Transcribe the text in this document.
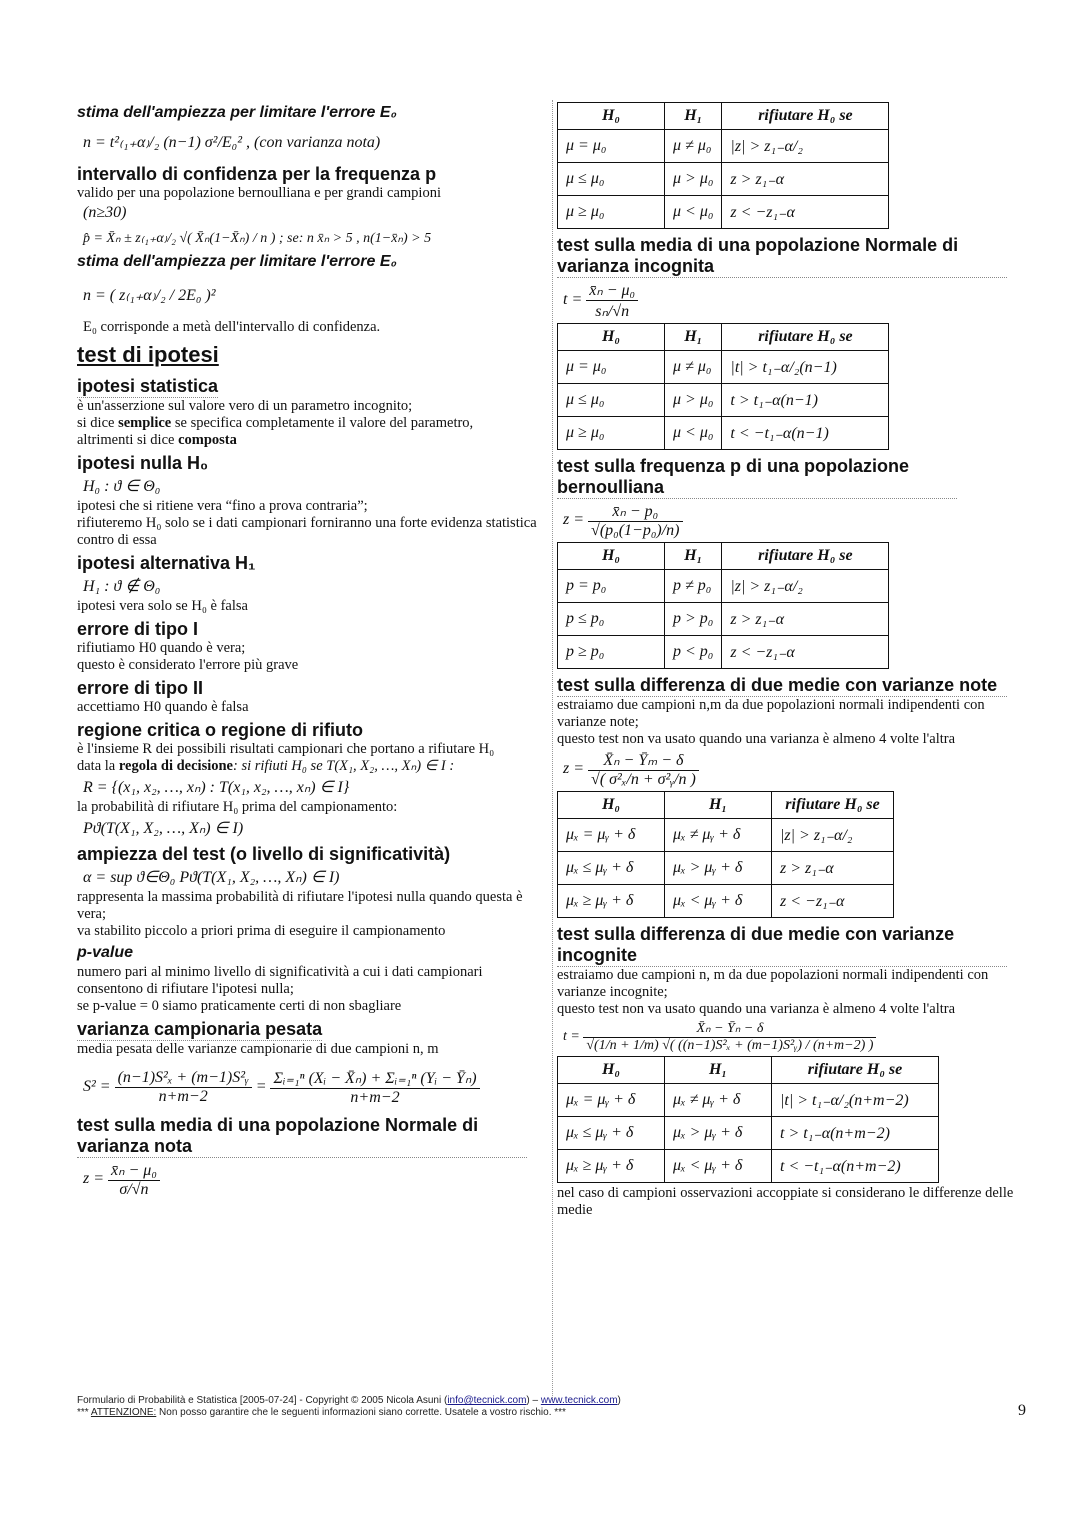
stima dell'ampiezza per limitare l'errore E₀
n = t²₍₁₊α₎/₂ (n−1) σ²/E₀² , (con varianza nota)
intervallo di confidenza per la frequenza p
valido per una popolazione bernoulliana e per grandi campioni
(n≥30)
p̂ = X̄ₙ ± z₍₁₊α₎/₂ √( X̄ₙ(1−X̄ₙ) / n ) ; se: n x̄ₙ > 5 , n(1−x̄ₙ) > 5
stima dell'ampiezza per limitare l'errore E₀
n = ( z₍₁₊α₎/₂ / 2E₀ )²
E₀ corrisponde a metà dell'intervallo di confidenza.
test di ipotesi
ipotesi statistica
è un'asserzione sul valore vero di un parametro incognito;
si dice semplice se specifica completamente il valore del parametro,
altrimenti si dice composta
ipotesi nulla H₀
H₀ : ϑ ∈ Θ₀
ipotesi che si ritiene vera “fino a prova contraria”;
rifiuteremo H₀ solo se i dati campionari forniranno una forte evidenza statistica contro di essa
ipotesi alternativa H₁
H₁ : ϑ ∉ Θ₀
ipotesi vera solo se H₀ è falsa
errore di tipo I
rifiutiamo H0 quando è vera;
questo è considerato l'errore più grave
errore di tipo II
accettiamo H0 quando è falsa
regione critica o regione di rifiuto
è l'insieme R dei possibili risultati campionari che portano a rifiutare H₀
data la regola di decisione: si rifiuti H₀ se T(X₁, X₂, …, Xₙ) ∈ I :
R = {(x₁, x₂, …, xₙ) : T(x₁, x₂, …, xₙ) ∈ I}
la probabilità di rifiutare H₀ prima del campionamento:
Pϑ(T(X₁, X₂, …, Xₙ) ∈ I)
ampiezza del test (o livello di significatività)
α = sup ϑ∈Θ₀ Pϑ(T(X₁, X₂, …, Xₙ) ∈ I)
rappresenta la massima probabilità di rifiutare l'ipotesi nulla quando questa è vera;
va stabilito piccolo a priori prima di eseguire il campionamento
p-value
numero pari al minimo livello di significatività a cui i dati campionari consentono di rifiutare l'ipotesi nulla;
se p-value = 0 siamo praticamente certi di non sbagliare
varianza campionaria pesata
media pesata delle varianze campionarie di due campioni n, m
$S^2 = \frac{\text{(n−1)S²ₓ + (m−1)S²ᵧ}}{n+m-2} = \frac{\text{Σᵢ₌₁ⁿ (Xᵢ − X̄ₙ) + Σᵢ₌₁ⁿ (Yᵢ − Ȳₙ)}}{n+m-2}$
test sulla media di una popolazione Normale di varianza nota
$z = \frac{\text{x̄ₙ − μ₀}}{\sigma/√n}$
H₀	H₁	rifiutare H₀ se
μ = μ₀	μ ≠ μ₀	|z| > z₁₋α/₂
μ ≤ μ₀	μ > μ₀	z > z₁₋α
μ ≥ μ₀	μ < μ₀	z < −z₁₋α
test sulla media di una popolazione Normale di varianza incognita
$t = \frac{\text{x̄ₙ − μ₀}}{\text{sₙ/√n}}$
H₀	H₁	rifiutare H₀ se
μ = μ₀	μ ≠ μ₀	|t| > t₁₋α/₂(n−1)
μ ≤ μ₀	μ > μ₀	t > t₁₋α(n−1)
μ ≥ μ₀	μ < μ₀	t < −t₁₋α(n−1)
test sulla frequenza p di una popolazione bernoulliana
$z = \frac{\text{x̄ₙ − p₀}}{\text{√(p₀(1−p₀)/n)}}$
H₀	H₁	rifiutare H₀ se
p = p₀	p ≠ p₀	|z| > z₁₋α/₂
p ≤ p₀	p > p₀	z > z₁₋α
p ≥ p₀	p < p₀	z < −z₁₋α
test sulla differenza di due medie con varianze note
estraiamo due campioni n,m da due popolazioni normali indipendenti con varianze note;
questo test non va usato quando una varianza è almeno 4 volte l'altra
$z = \frac{\text{X̄ₙ − Ȳₘ − δ}}{\text{√( σ²ₓ/n + σ²ᵧ/n )}}$
H₀	H₁	rifiutare H₀ se
μₓ = μᵧ + δ	μₓ ≠ μᵧ + δ	|z| > z₁₋α/₂
μₓ ≤ μᵧ + δ	μₓ > μᵧ + δ	z > z₁₋α
μₓ ≥ μᵧ + δ	μₓ < μᵧ + δ	z < −z₁₋α
test sulla differenza di due medie con varianze incognite
estraiamo due campioni n, m da due popolazioni normali indipendenti con varianze incognite;
questo test non va usato quando una varianza è almeno 4 volte l'altra
$t = \frac{\text{X̄ₙ − Ȳₙ − δ}}{\text{√(1/n + 1/m) √( ((n−1)S²ₓ + (m−1)S²ᵧ) / (n+m−2) )}}$
H₀	H₁	rifiutare H₀ se
μₓ = μᵧ + δ	μₓ ≠ μᵧ + δ	|t| > t₁₋α/₂(n+m−2)
μₓ ≤ μᵧ + δ	μₓ > μᵧ + δ	t > t₁₋α(n+m−2)
μₓ ≥ μᵧ + δ	μₓ < μᵧ + δ	t < −t₁₋α(n+m−2)
nel caso di campioni osservazioni accoppiate si considerano le differenze delle medie
Formulario di Probabilità e Statistica [2005-07-24] - Copyright © 2005 Nicola Asuni (info@tecnick.com) – www.tecnick.com)
*** ATTENZIONE: Non posso garantire che le seguenti informazioni siano corrette. Usatele a vostro rischio. ***	9
